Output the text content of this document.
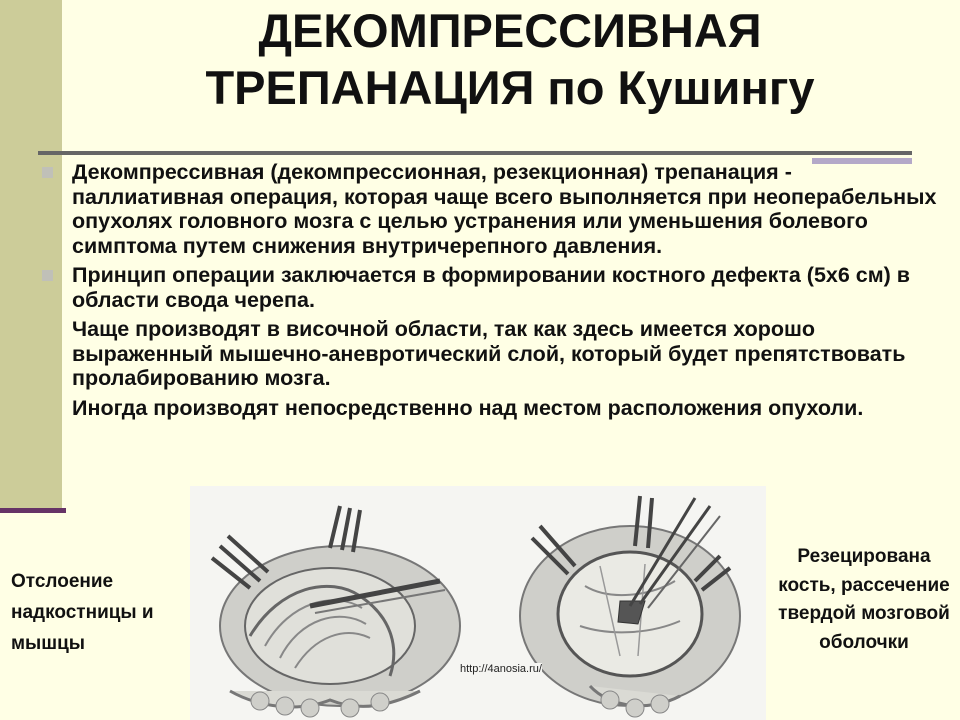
ДЕКОМПРЕССИВНАЯ
ТРЕПАНАЦИЯ по Кушингу

Декомпрессивная (декомпрессионная, резекционная) трепанация - паллиативная операция, которая чаще всего выполняется при неоперабельных опухолях головного мозга с целью устранения или уменьшения болевого симптома путем снижения внутричерепного давления.

Принцип операции заключается в формировании костного дефекта (5х6 см) в области свода черепа.

Чаще производят в височной области, так как здесь имеется хорошо выраженный мышечно-аневротический слой, который будет препятствовать пролабированию мозга.

Иногда производят непосредственно над местом расположения опухоли.

http://4anosia.ru/
Отслоение надкостницы и мышцы
Резецирована кость, рассечение твердой мозговой оболочки
